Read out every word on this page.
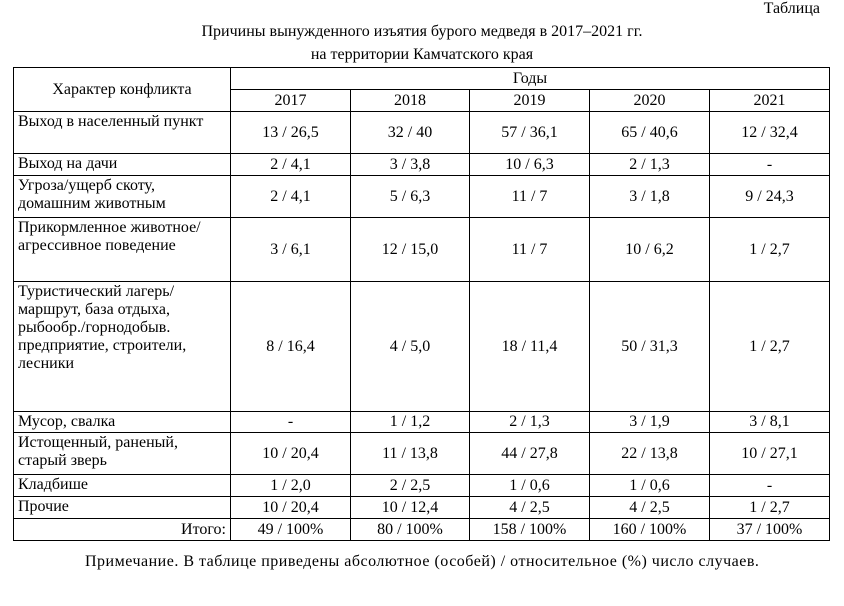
Таблица
Причины вынужденного изъятия бурого медведя в 2017–2021 гг.
на территории Камчатского края
Характер конфликта	Годы				
	2017	2018	2019	2020	2021
Выход в населенный пункт	13 / 26,5	32 / 40	57 / 36,1	65 / 40,6	12 / 32,4
Выход на дачи	2 / 4,1	3 / 3,8	10 / 6,3	2 / 1,3	-
Угроза/ущерб скоту, домашним животным	2 / 4,1	5 / 6,3	11 / 7	3 / 1,8	9 / 24,3
Прикормленное животное/агрессивное поведение	3 / 6,1	12 / 15,0	11 / 7	10 / 6,2	1 / 2,7
Туристический лагерь/маршрут, база отдыха, рыбообр./горнодобыв. предприятие, строители, лесники	8 / 16,4	4 / 5,0	18 / 11,4	50 / 31,3	1 / 2,7
Мусор, свалка	-	1 / 1,2	2 / 1,3	3 / 1,9	3 / 8,1
Истощенный, раненый, старый зверь	10 / 20,4	11 / 13,8	44 / 27,8	22 / 13,8	10 / 27,1
Кладбише	1 / 2,0	2 / 2,5	1 / 0,6	1 / 0,6	-
Прочие	10 / 20,4	10 / 12,4	4 / 2,5	4 / 2,5	1 / 2,7
Итого:	49 / 100%	80 / 100%	158 / 100%	160 / 100%	37 / 100%
Примечание. В таблице приведены абсолютное (особей) / относительное (%) число случаев.
